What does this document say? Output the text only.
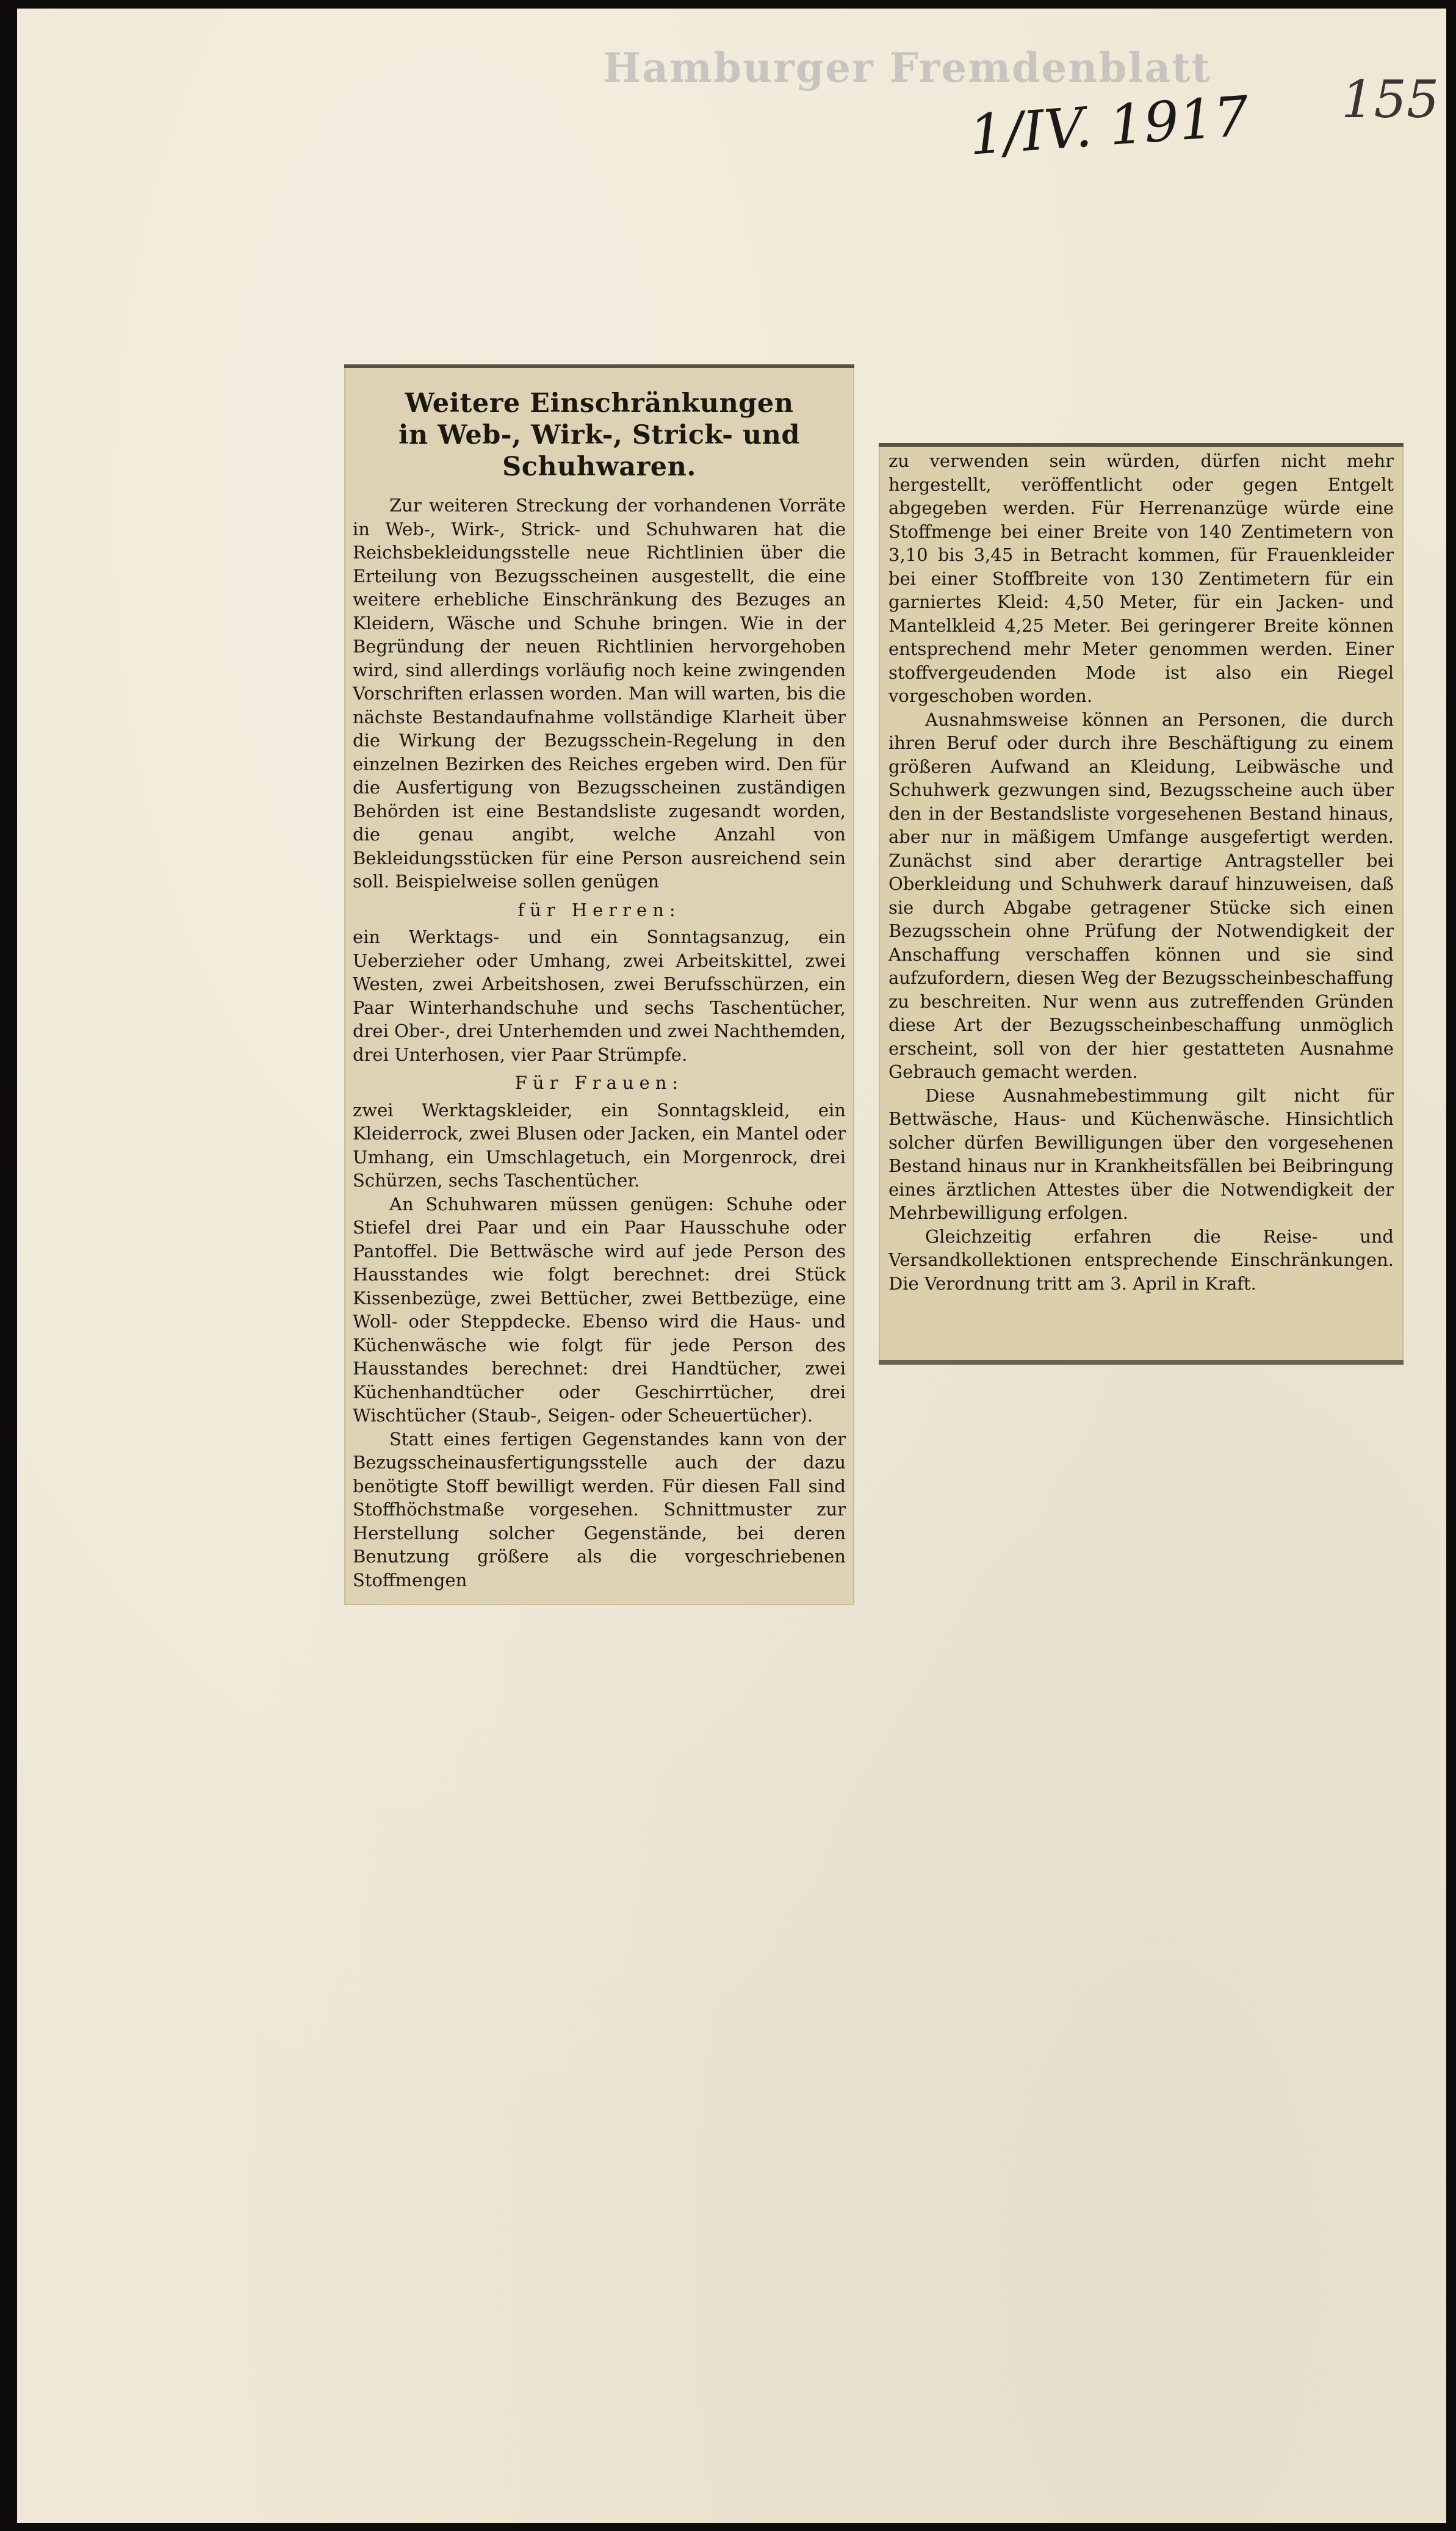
Hamburger Fremdenblatt
1/IV. 1917 155
Weitere Einschränkungen
in Web-, Wirk-, Strick- und Schuhwaren.

Zur weiteren Streckung der vorhandenen Vorräte in Web-, Wirk-, Strick- und Schuhwaren hat die Reichsbekleidungsstelle neue Richtlinien über die Erteilung von Bezugsscheinen ausgestellt, die eine weitere erhebliche Einschränkung des Bezuges an Kleidern, Wäsche und Schuhe bringen. Wie in der Begründung der neuen Richtlinien hervorgehoben wird, sind allerdings vorläufig noch keine zwingenden Vorschriften erlassen worden. Man will warten, bis die nächste Bestandaufnahme vollständige Klarheit über die Wirkung der Bezugsschein-Regelung in den einzelnen Bezirken des Reiches ergeben wird. Den für die Ausfertigung von Bezugsscheinen zuständigen Behörden ist eine Bestandsliste zugesandt worden, die genau angibt, welche Anzahl von Bekleidungsstücken für eine Person ausreichend sein soll. Beispielweise sollen genügen

für Herren:

ein Werktags- und ein Sonntagsanzug, ein Ueberzieher oder Umhang, zwei Arbeitskittel, zwei Westen, zwei Arbeitshosen, zwei Berufsschürzen, ein Paar Winterhandschuhe und sechs Taschentücher, drei Ober-, drei Unterhemden und zwei Nachthemden, drei Unterhosen, vier Paar Strümpfe.

Für Frauen:

zwei Werktagskleider, ein Sonntagskleid, ein Kleiderrock, zwei Blusen oder Jacken, ein Mantel oder Umhang, ein Umschlagetuch, ein Morgenrock, drei Schürzen, sechs Taschentücher.

An Schuhwaren müssen genügen: Schuhe oder Stiefel drei Paar und ein Paar Hausschuhe oder Pantoffel. Die Bettwäsche wird auf jede Person des Hausstandes wie folgt berechnet: drei Stück Kissenbezüge, zwei Bettücher, zwei Bettbezüge, eine Woll- oder Steppdecke. Ebenso wird die Haus- und Küchenwäsche wie folgt für jede Person des Hausstandes berechnet: drei Handtücher, zwei Küchenhandtücher oder Geschirrtücher, drei Wischtücher (Staub-, Seigen- oder Scheuertücher).

Statt eines fertigen Gegenstandes kann von der Bezugsscheinausfertigungsstelle auch der dazu benötigte Stoff bewilligt werden. Für diesen Fall sind Stoffhöchstmaße vorgesehen. Schnittmuster zur Herstellung solcher Gegenstände, bei deren Benutzung größere als die vorgeschriebenen Stoffmengen

zu verwenden sein würden, dürfen nicht mehr hergestellt, veröffentlicht oder gegen Entgelt abgegeben werden. Für Herrenanzüge würde eine Stoffmenge bei einer Breite von 140 Zentimetern von 3,10 bis 3,45 in Betracht kommen, für Frauenkleider bei einer Stoffbreite von 130 Zentimetern für ein garniertes Kleid: 4,50 Meter, für ein Jacken- und Mantelkleid 4,25 Meter. Bei geringerer Breite können entsprechend mehr Meter genommen werden. Einer stoffvergeudenden Mode ist also ein Riegel vorgeschoben worden.

Ausnahmsweise können an Personen, die durch ihren Beruf oder durch ihre Beschäftigung zu einem größeren Aufwand an Kleidung, Leibwäsche und Schuhwerk gezwungen sind, Bezugsscheine auch über den in der Bestandsliste vorgesehenen Bestand hinaus, aber nur in mäßigem Umfange ausgefertigt werden. Zunächst sind aber derartige Antragsteller bei Oberkleidung und Schuhwerk darauf hinzuweisen, daß sie durch Abgabe getragener Stücke sich einen Bezugsschein ohne Prüfung der Notwendigkeit der Anschaffung verschaffen können und sie sind aufzufordern, diesen Weg der Bezugsscheinbeschaffung zu beschreiten. Nur wenn aus zutreffenden Gründen diese Art der Bezugsscheinbeschaffung unmöglich erscheint, soll von der hier gestatteten Ausnahme Gebrauch gemacht werden.

Diese Ausnahmebestimmung gilt nicht für Bettwäsche, Haus- und Küchenwäsche. Hinsichtlich solcher dürfen Bewilligungen über den vorgesehenen Bestand hinaus nur in Krankheitsfällen bei Beibringung eines ärztlichen Attestes über die Notwendigkeit der Mehrbewilligung erfolgen.

Gleichzeitig erfahren die Reise- und Versandkollektionen entsprechende Einschränkungen. Die Verordnung tritt am 3. April in Kraft.
